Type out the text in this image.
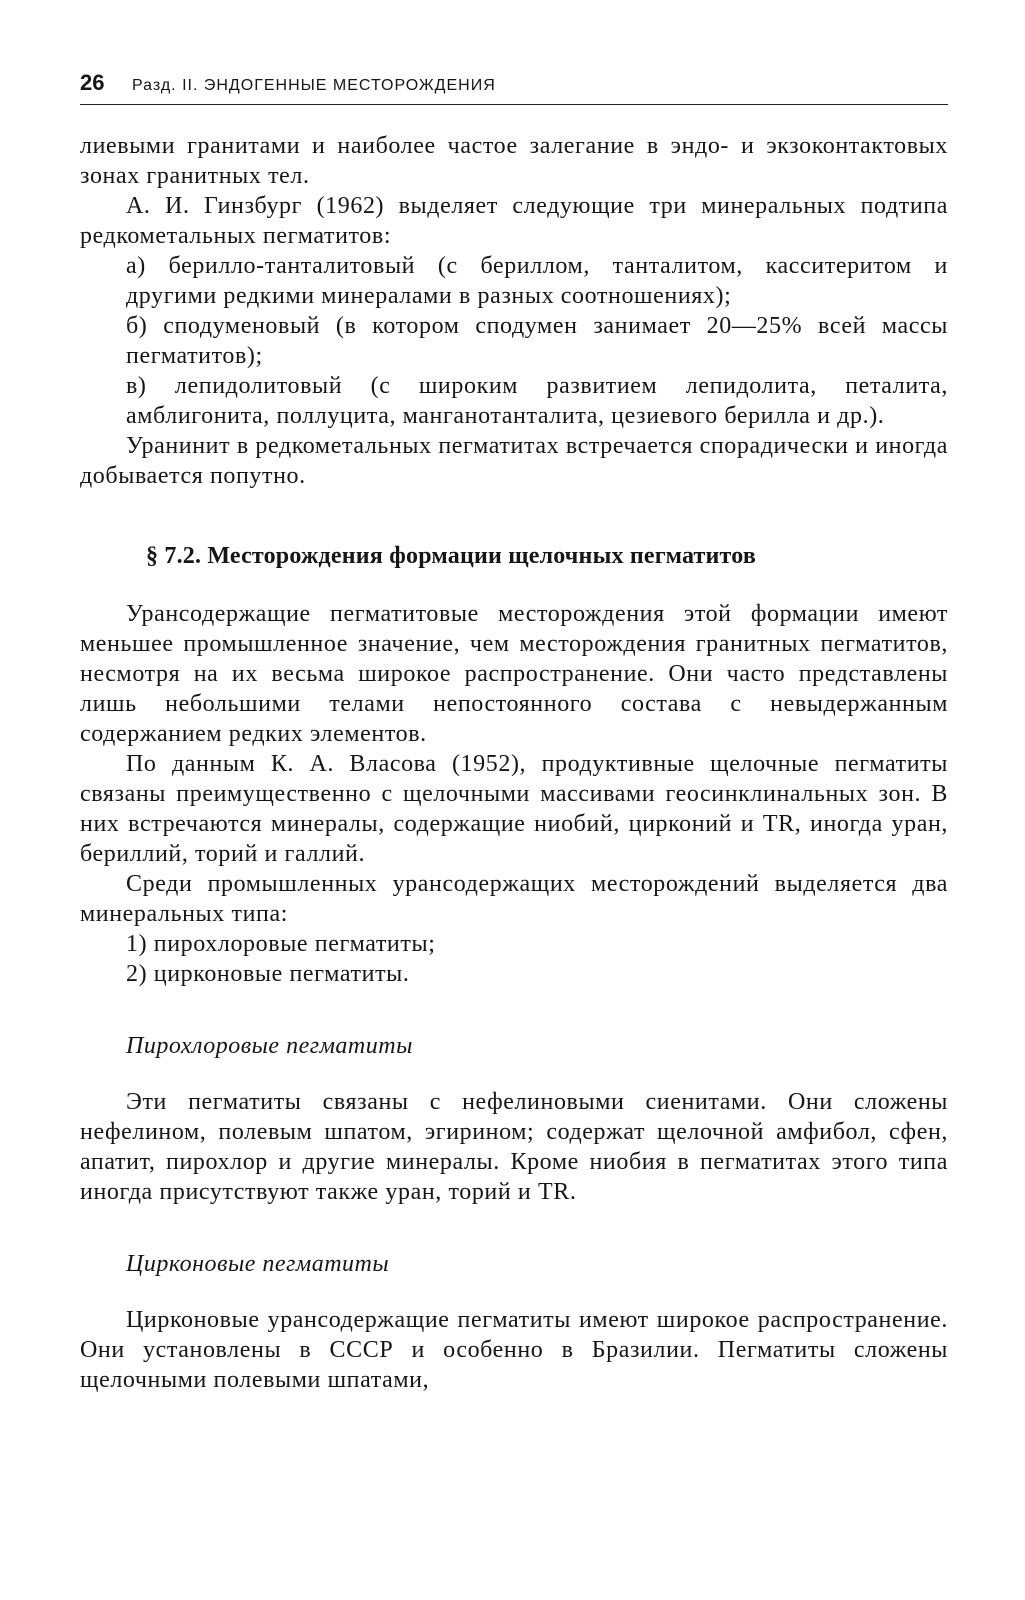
26	Разд. II. ЭНДОГЕННЫЕ МЕСТОРОЖДЕНИЯ

лиевыми гранитами и наиболее частое залегание в эндо- и экзоконтактовых зонах гранитных тел.

А. И. Гинзбург (1962) выделяет следующие три минеральных подтипа редкометальных пегматитов:

а) берилло-танталитовый (с бериллом, танталитом, касситеритом и другими редкими минералами в разных соотношениях);

б) сподуменовый (в котором сподумен занимает 20—25% всей массы пегматитов);

в) лепидолитовый (с широким развитием лепидолита, петалита, амблигонита, поллуцита, манганотанталита, цезиевого берилла и др.).

Уранинит в редкометальных пегматитах встречается спорадически и иногда добывается попутно.

§ 7.2. Месторождения формации щелочных пегматитов

Урансодержащие пегматитовые месторождения этой формации имеют меньшее промышленное значение, чем месторождения гранитных пегматитов, несмотря на их весьма широкое распространение. Они часто представлены лишь небольшими телами непостоянного состава с невыдержанным содержанием редких элементов.

По данным К. А. Власова (1952), продуктивные щелочные пегматиты связаны преимущественно с щелочными массивами геосинклинальных зон. В них встречаются минералы, содержащие ниобий, цирконий и TR, иногда уран, бериллий, торий и галлий.

Среди промышленных урансодержащих месторождений выделяется два минеральных типа:

1) пирохлоровые пегматиты;

2) цирконовые пегматиты.

Пирохлоровые пегматиты

Эти пегматиты связаны с нефелиновыми сиенитами. Они сложены нефелином, полевым шпатом, эгирином; содержат щелочной амфибол, сфен, апатит, пирохлор и другие минералы. Кроме ниобия в пегматитах этого типа иногда присутствуют также уран, торий и TR.

Цирконовые пегматиты

Цирконовые урансодержащие пегматиты имеют широкое распространение. Они установлены в СССР и особенно в Бразилии. Пегматиты сложены щелочными полевыми шпатами,
